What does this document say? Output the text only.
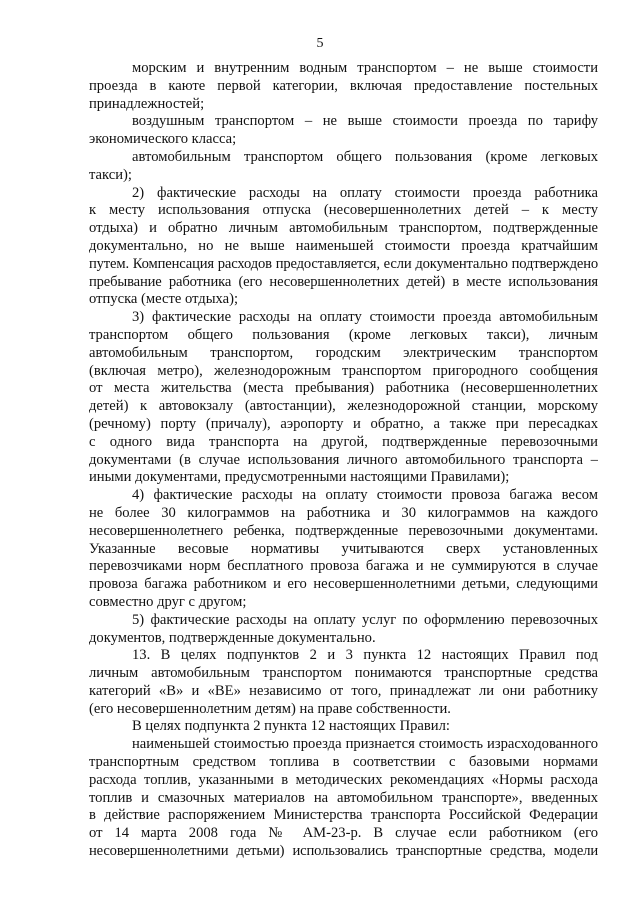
5
морским и внутренним водным транспортом – не выше стоимости
проезда в каюте первой категории, включая предоставление постельных
принадлежностей;
воздушным транспортом – не выше стоимости проезда по тарифу
экономического класса;
автомобильным транспортом общего пользования (кроме легковых
такси);
2) фактические расходы на оплату стоимости проезда работника
к месту использования отпуска (несовершеннолетних детей – к месту
отдыха) и обратно личным автомобильным транспортом, подтвержденные
документально, но не выше наименьшей стоимости проезда кратчайшим
путем. Компенсация расходов предоставляется, если документально подтверждено
пребывание работника (его несовершеннолетних детей) в месте использования
отпуска (месте отдыха);
3) фактические расходы на оплату стоимости проезда автомобильным
транспортом общего пользования (кроме легковых такси), личным
автомобильным транспортом, городским электрическим транспортом
(включая метро), железнодорожным транспортом пригородного сообщения
от места жительства (места пребывания) работника (несовершеннолетних
детей) к автовокзалу (автостанции), железнодорожной станции, морскому
(речному) порту (причалу), аэропорту и обратно, а также при пересадках
с одного вида транспорта на другой, подтвержденные перевозочными
документами (в случае использования личного автомобильного транспорта –
иными документами, предусмотренными настоящими Правилами);
4) фактические расходы на оплату стоимости провоза багажа весом
не более 30 килограммов на работника и 30 килограммов на каждого
несовершеннолетнего ребенка, подтвержденные перевозочными документами.
Указанные весовые нормативы учитываются сверх установленных
перевозчиками норм бесплатного провоза багажа и не суммируются в случае
провоза багажа работником и его несовершеннолетними детьми, следующими
совместно друг с другом;
5) фактические расходы на оплату услуг по оформлению перевозочных
документов, подтвержденные документально.
13. В целях подпунктов 2 и 3 пункта 12 настоящих Правил под
личным автомобильным транспортом понимаются транспортные средства
категорий «В» и «ВЕ» независимо от того, принадлежат ли они работнику
(его несовершеннолетним детям) на праве собственности.
В целях подпункта 2 пункта 12 настоящих Правил:
наименьшей стоимостью проезда признается стоимость израсходованного
транспортным средством топлива в соответствии с базовыми нормами
расхода топлив, указанными в методических рекомендациях «Нормы расхода
топлив и смазочных материалов на автомобильном транспорте», введенных
в действие распоряжением Министерства транспорта Российской Федерации
от 14 марта 2008 года № АМ-23-р. В случае если работником (его
несовершеннолетними детьми) использовались транспортные средства, модели
